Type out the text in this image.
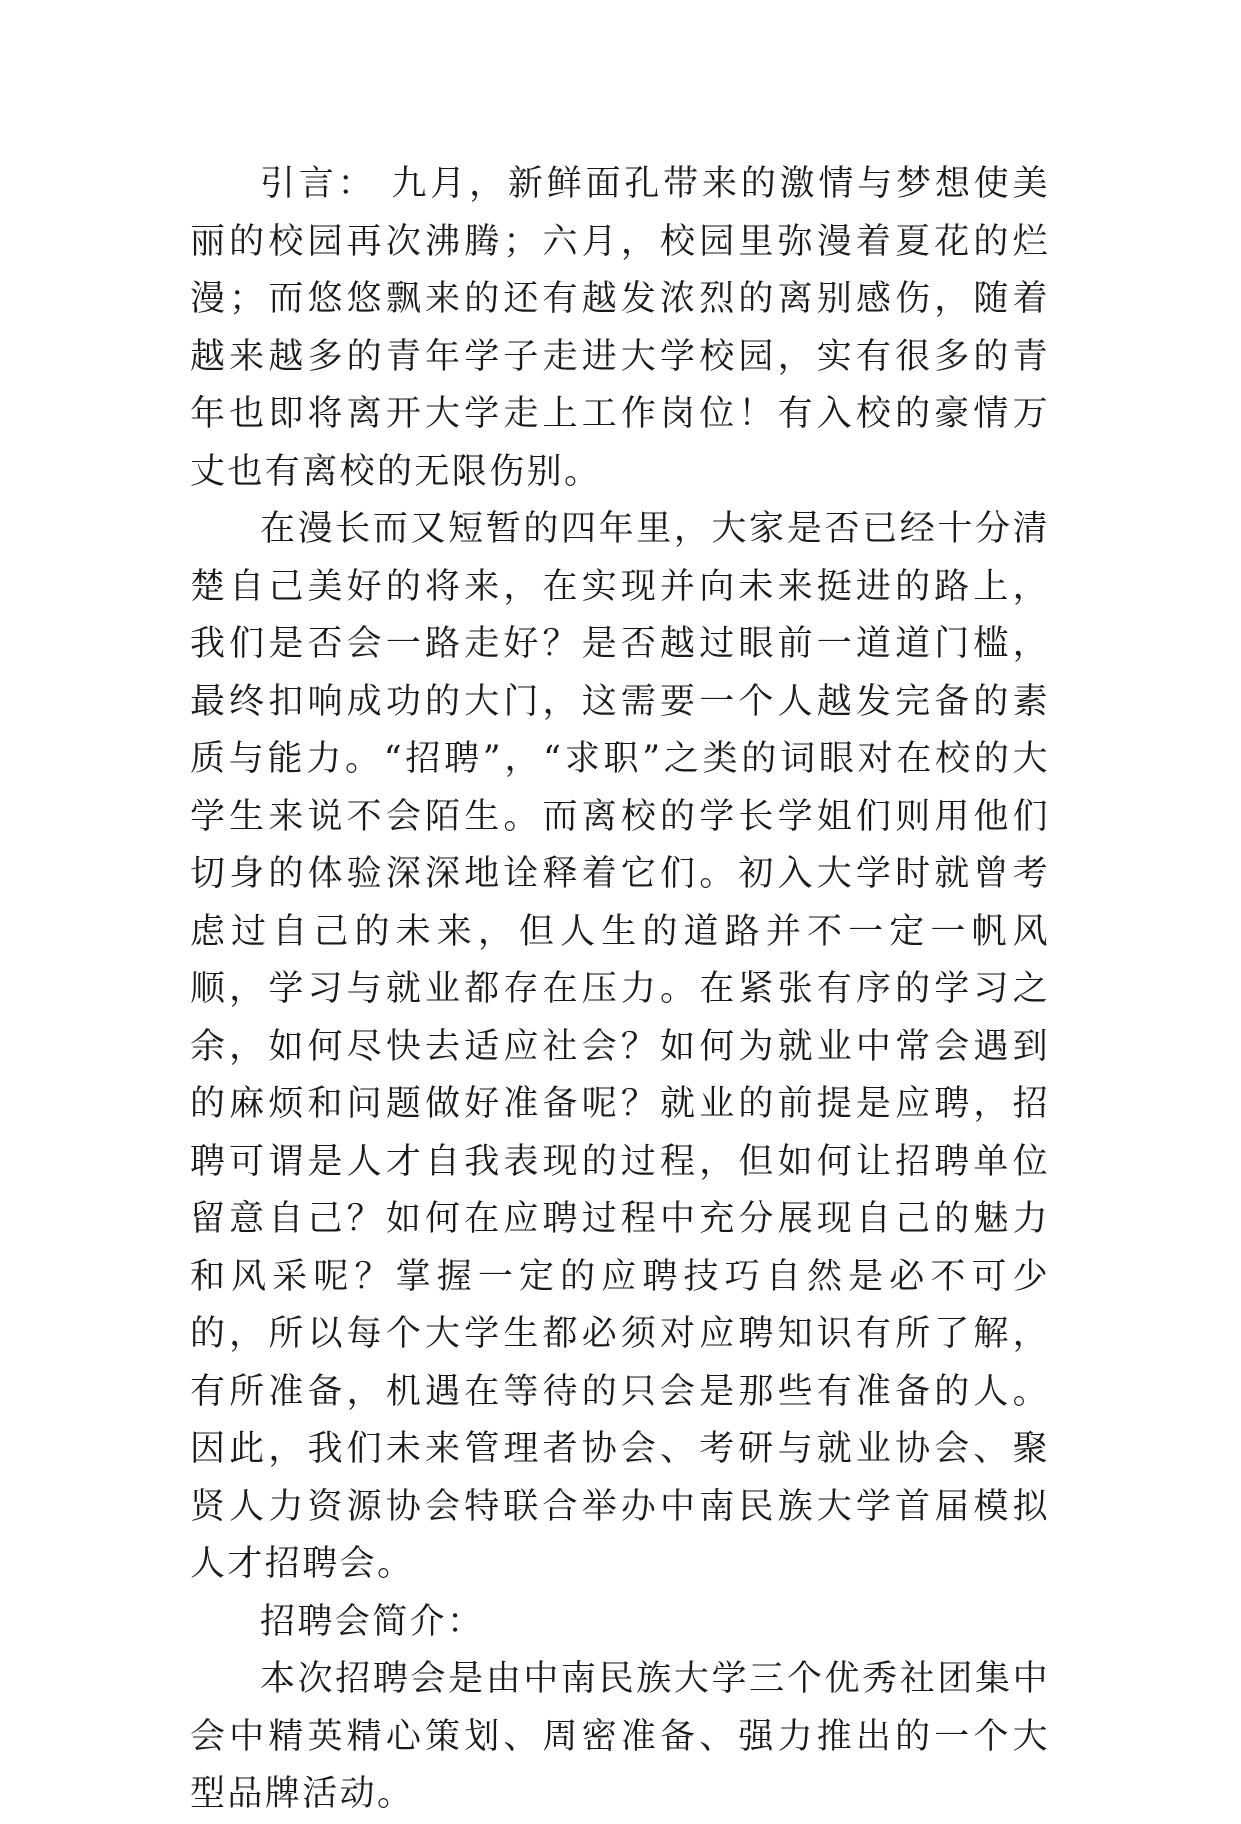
引言： 九月，新鲜面孔带来的激情与梦想使美丽的校园再次沸腾；六月，校园里弥漫着夏花的烂漫；而悠悠飘来的还有越发浓烈的离别感伤，随着越来越多的青年学子走进大学校园，实有很多的青年也即将离开大学走上工作岗位！有入校的豪情万丈也有离校的无限伤别。

在漫长而又短暂的四年里，大家是否已经十分清楚自己美好的将来，在实现并向未来挺进的路上，我们是否会一路走好？是否越过眼前一道道门槛，最终扣响成功的大门，这需要一个人越发完备的素质与能力。“招聘”，“求职”之类的词眼对在校的大学生来说不会陌生。而离校的学长学姐们则用他们切身的体验深深地诠释着它们。初入大学时就曾考虑过自己的未来，但人生的道路并不一定一帆风顺，学习与就业都存在压力。在紧张有序的学习之余，如何尽快去适应社会？如何为就业中常会遇到的麻烦和问题做好准备呢？就业的前提是应聘，招聘可谓是人才自我表现的过程，但如何让招聘单位留意自己？如何在应聘过程中充分展现自己的魅力和风采呢？掌握一定的应聘技巧自然是必不可少的，所以每个大学生都必须对应聘知识有所了解，有所准备，机遇在等待的只会是那些有准备的人。因此，我们未来管理者协会、考研与就业协会、聚贤人力资源协会特联合举办中南民族大学首届模拟人才招聘会。

招聘会简介：

本次招聘会是由中南民族大学三个优秀社团集中会中精英精心策划、周密准备、强力推出的一个大型品牌活动。
